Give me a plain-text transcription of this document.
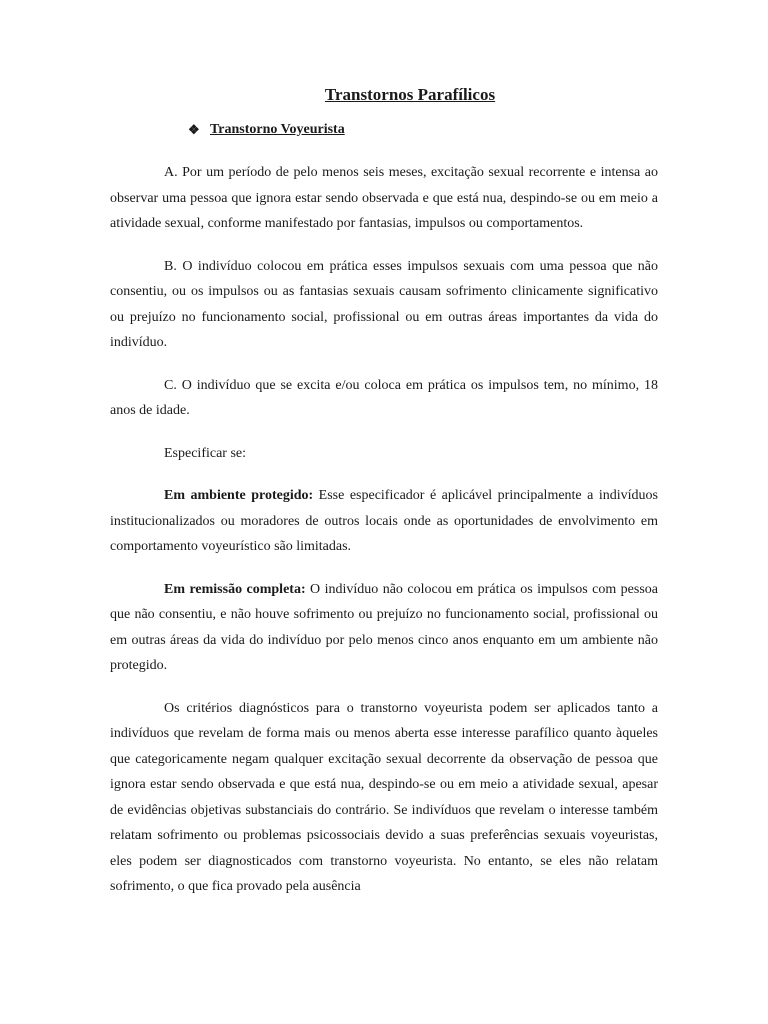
Transtornos Parafílicos
❖ Transtorno Voyeurista

A. Por um período de pelo menos seis meses, excitação sexual recorrente e intensa ao observar uma pessoa que ignora estar sendo observada e que está nua, despindo-se ou em meio a atividade sexual, conforme manifestado por fantasias, impulsos ou comportamentos.

B. O indivíduo colocou em prática esses impulsos sexuais com uma pessoa que não consentiu, ou os impulsos ou as fantasias sexuais causam sofrimento clinicamente significativo ou prejuízo no funcionamento social, profissional ou em outras áreas importantes da vida do indivíduo.

C. O indivíduo que se excita e/ou coloca em prática os impulsos tem, no mínimo, 18 anos de idade.

Especificar se:

Em ambiente protegido: Esse especificador é aplicável principalmente a indivíduos institucionalizados ou moradores de outros locais onde as oportunidades de envolvimento em comportamento voyeurístico são limitadas.

Em remissão completa: O indivíduo não colocou em prática os impulsos com pessoa que não consentiu, e não houve sofrimento ou prejuízo no funcionamento social, profissional ou em outras áreas da vida do indivíduo por pelo menos cinco anos enquanto em um ambiente não protegido.

Os critérios diagnósticos para o transtorno voyeurista podem ser aplicados tanto a indivíduos que revelam de forma mais ou menos aberta esse interesse parafílico quanto àqueles que categoricamente negam qualquer excitação sexual decorrente da observação de pessoa que ignora estar sendo observada e que está nua, despindo-se ou em meio a atividade sexual, apesar de evidências objetivas substanciais do contrário. Se indivíduos que revelam o interesse também relatam sofrimento ou problemas psicossociais devido a suas preferências sexuais voyeuristas, eles podem ser diagnosticados com transtorno voyeurista. No entanto, se eles não relatam sofrimento, o que fica provado pela ausência
